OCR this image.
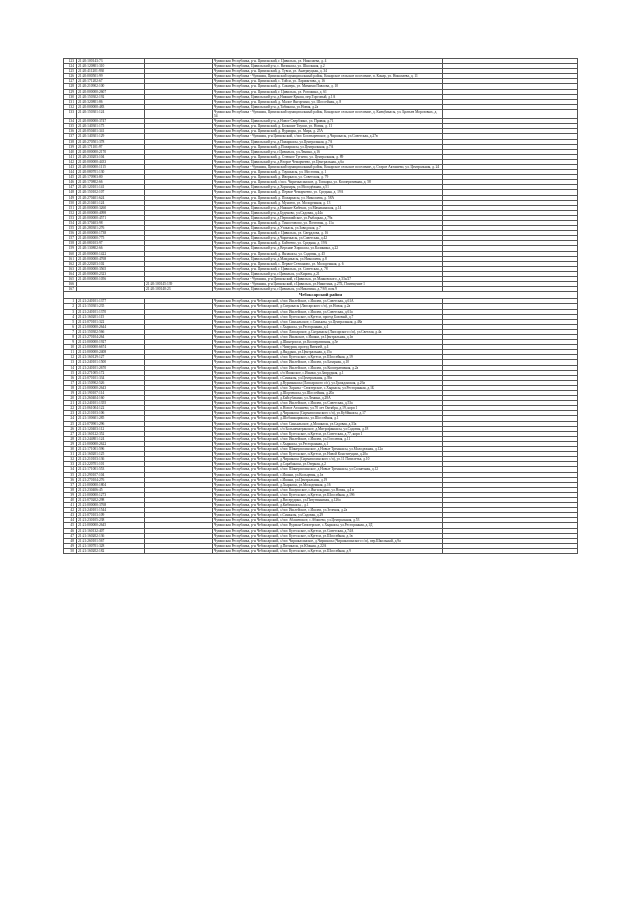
123	21:20:100143:73		Чувашская Республика, р-н. Цивильский, г. Цивильск, ул. Николаева, д. 4	
124	21:20:120801:310		Чувашская Республика, Цивильский р-н, с. Визикасы, ул. Школьная, д.2	
125	21:20:411201:930		Чувашская Республика, р-н. Цивильский, д. Тувси, ул. Анатриуцкая, д. 34	
126	21:20:000501:99		Чувашская Республика - Чувашия, Цивильский муниципальный район, Конарское сельское поселение, п. Конар, ул. Николаева, д. 11	
127	21:20:171202:67		Чувашская Республика, р-н. Цивильский, с. Тойси, ул. Ларионтова, д. 16	
128	21:20:210902:100		Чувашская Республика, р-н. Цивильский, д. Сакмерь, ул. Мимими Павлова, д. 10	
129	21:20:000000:2607		Чувашская Республика, р-н. Цивильский, г. Цивильск, ул. Рогожина, д. 61	
130	21:20:150302:192		Чувашская Республика, Цивильский р-н, д.Нижние Кунаш, пер.Торговый, д.1А	
131	21:20:320801:86		Чувашская Республика, р-н. Цивильский, д. Малое Янгорчино, ул. Шоссейная, д. 8	
132	21:20:000000:483		Чувашская Республика, Цивильский р-н, д.Табикасы, ул.Новая, д.2а	
133	21:20:150301:124		Чувашская Республика - Чувашия, Цивильский муниципальный район, Конарское сельское поселение, д. Кнецбикасы, ул. Братьев Морозовых, д. 54	
134	21:20:000000:3747		Чувашская Республика, Цивильский р-н, д.Новое Сверблино, ул. Привая, д.71	
135	21:20:140301:175		Чувашская Республика, р-н. Цивильский, д. Большие Тиуши, ул. Новая, д. 11	
136	21:20:050401:341		Чувашская Республика, р-н. Цивильский, д. Вурмары, ул. Мира, д. 25А	
137	21:20:140301:129		Чувашская Республика - Чувашия, р-н Цивильский, с/пос Богатыревское, д.Чиршкасы, ул.Советская, д.27в	
138	21:20:270501:378		Чувашская Республика, Цивильский р-н, д.Пожаркасы, ул.Центральная, д.7А	
139	21:20:171101:97		Чувашская Республика, р-н. Цивильский, д.Пожаркасы, ул.Центральная, д.7А	
140	21:20:000000:2170		Чувашская Республика, Цивильский р-н, г.Цивильск, ул.Ленина, д.16	
141	21:20:230203:104		Чувашская Республика, р-н. Цивильский, д. Степное Тугаево, ул. Центральная, д. 89	
142	21:20:000000:4433		Чувашская Республика, Цивильский р-н, д.Второе Чемарчеево, ул.Центральная, д.6а	
143	21:20:000000:1115		Чувашская Республика - Чувашия, Цивильский муниципальный район, Конарское сельское поселение, д. Старое Акташево, ул. Центральная, д. 24	
144	21:20:080701:130		Чувашская Республика, р-н. Цивильский, д. Таушкасы, ул. Мостовая, д. 1	
145	21:20:170903:80		Чувашская Республика, р-н. Цивильский, д. Иворкаси, ул. Советская, д. 79	
146	21:20:170802:66		Чувашская Республика, р-н. Цивильский, с/пос. Чиричкасинское, д. Топкары, ул. Кооперативная, д. 58	
147	21:20:120101:141		Чувашская Республика, Цивильский р-н, д.Хорнзары, ул.Молодёжная, д.51	
148	21:20:150102:107		Чувашская Республика, р-н. Цивильский, д. Первое Чемарчеево, ул. Средняя, д. 19А	
149	21:20:270401:624		Чувашская Республика, р-н. Цивильский, д. Пожаркасы, ул. Николаева, д. 58А	
150	21:20:210401:124		Чувашская Республика, р-н. Цивильский, д. Мунсюп, ул. Молодежная, д. 13	
151	21:20:000000:3260		Чувашская Республика, Цивильский р-н, д.Нижние Кибекси, ул.Мамакинская, д.14	
152	21:20:000000:4098		Чувашская Республика, Цивильский р-н, д.Буденово, ул.Садовая, д.44а	
153	21:20:000000:4571		Чувашская Республика, Цивильский р-н, д.Первомайское, ул.Рыбацкая, д.79а	
154	21:20:370403:98		Чувашская Республика, р-н. Цивильский, д. Тинсотовопо, ул. Почтовая, д. 11а	
155	21:20:280301:276		Чувашская Республика, Цивильский р-н, д.Утакасы, ул.Заводская, д.7	
156	21:20:000000:1738		Чувашская Республика, р-н. Цивильский, г. Цивильск, ул. Свердлова, д. 16	
157	21:20:000000:775		Чувашская Республика, Цивильский р-н, д.Чиричкасы, ул.Советская, д.42	
158	21:20:080103:97		Чувашская Республика, р-н. Цивильский, д. Байтеево, ул. Средняя, д. 19А	
159	21:20:130802:66		Чувашская Республика, Цивильский р-н, д.Верхние Хиршасы, ул.Калинина, д.22	
160	21:20:000000:1422		Чувашская Республика, р-н. Цивильский, д. Янзакасы, ул. Садовая, д. 45	
161	21:20:000000:4768		Чувашская Республика, Цивильский р-н, д.Мамдикасы, ул.Николаева, д.8	
162	21:20:220203:102		Чувашская Республика, р-н. Цивильский, с. Первое Степаново, ул. Молодежная, д. 6	
163	21:20:000000:3565		Чувашская Республика, р-н. Цивильский, г. Цивильск, ул. Советская, д. 78	
164	21:20:000000:2323		Чувашская Республика, Цивильский р-н, г.Цивильск, ул.Кирова, д.21	
165	21:20:000000:1056		Чувашская Республика - Чувашия, р-н Цивильский, г.Цивильск, ул.Маяковского, д.33а/27	
166		21:20:100145:139	Чувашская Республика - Чувашия, р-н Цивильский, г.Цивильск, ул.Никитина, д.27Б, Помещение 1	
167		21:20:100140:23	Чувашская Республика, Цивильский р-н, г.Цивильск, ул.Никитина, д.7/69, пом.9	
Чебоксарский район				
1	21:21:240101:1377		Чувашская Республика, р-н Чебоксарский, с/пос Ишлейское, с.Ишлеи, ул.Советская, д.61А	
2	21:21:150301:235		Чувашская Республика, р-н Чебоксарский, д.Сятракасы (Лапсарского с/п), ул.Новая, д.2а	
3	21:21:240101:1370		Чувашская Республика, р-н Чебоксарский, с/пос Ишлейское, с.Ишлеи, ул.Советская, д.61а	
4	21:21:160201:115		Чувашская Республика, р-н Чебоксарский, с/пос Кугесьское, п.Кугеси, проезд Базовый, д.7	
5	21:21:070101:322		Чувашская Республика, р-н Чебоксарский, с/пос Синьяльское, с.Синьялы, ул.Центральная, д.48а	
6	21:21:000000:2644		Чувашская Республика, р-н Чебоксарский, с.Хыркасы, ул.Ресторанная, д.4	
7	21:21:150302:566		Чувашская Республика, р-н Чебоксарский, с/пос Лапсарское, д.Сятракасы (Лапсарского с/п), ул.Светлая, д.4а	
8	21:21:270104:264		Чувашская Республика, р-н Чебоксарский, с/пос Ишакское, с.Ишаки, ул.Центральная, д.1в	
9	21:21:000000:1927		Чувашская Республика, р-н Чебоксарский, д.Шинерпоси, ул.Кооперативная, д.5е	
10	21:21:000000:6674		Чувашская Республика, р-н Чебоксарский, с.Чимурии, проезд Витязей, д.4	
11	21:21:000000:2408		Чувашская Республика, р-н Чебоксарский, д.Янддыш, ул.Центральная, д.15а	
12	21:21:160129:127		Чувашская Республика, р-н Чебоксарский, с/пос Кугесьское, п.Кугеси, ул.Шоссейная, д.19	
13	21:21:240101:1500		Чувашская Республика, р-н Чебоксарский, с/пос Ишлейское, с.Ишлеи, ул.Базарная, д.10	
14	21:21:240101:2670		Чувашская Республика, р-н Чебоксарский, с/пос Ишлейское, с.Ишлеи, ул.Кооперативная, д.2а	
15	21:21:271005:172		Чувашская Республика, р-н Чебоксарский, с/п Ишакское, с.Ишаки, ул.Запрудная, д.1	
16	21:21:070101:334		Чувашская Республика, р-н Чебоксарский, с.Синьялы, ул.Центральная, д.39а	
17	21:21:150902:526		Чувашская Республика, р-н Чебоксарский, д.Вурманкасы (Лапсарского с/п), ул.Гражданская, д.2ба	
18	21:21:000000:2643		Чувашская Республика, р-н Чебоксарский, с/пос Хорнзы - Сюктерское, с.Хыркасы, ул.Ресторанная, д.1Б	
19	21:21:190107:114		Чувашская Республика, р-н Чебоксарский, д.Шорчекасы, ул.Шоссейная, д.20а	
20	21:21:260404:160		Чувашская Республика, р-н Чебоксарский, д.Байсубакино, ул.Ленина, д.28А	
21	21:21:240101:1355		Чувашская Республика, р-н Чебоксарский, с/пос Ишлейское, с.Ишлеи, ул.Советская, д.53а	
22	21:21:061004:122		Чувашская Республика, р-н Чебоксарский, п.Новое Атлашево, ул.70 лет Октября, д.19, корп 1	
23	21:21:210103:106		Чувашская Республика, р-н Чебоксарский, д.Чиршкасы (Сирмапосинского с/п), ул.Кубйькасы, д.17	
24	21:21:100601:285		Чувашская Республика, р-н Чебоксарский, д.Шобашкарикасы, ул.Шоссейная, д.1	
25	21:21:070901:296		Чувашская Республика, р-н Чебоксарский, с/пос Синьяльское, д.Мошкасы, ул.Садовая, д.33а	
26	21:21:120403:112		Чувашская Республика, р-н Чебоксарский, с/п Большекатракское, д.Митрофанкасы, ул.Садовая, д.18	
27	21:21:160122:352		Чувашская Республика, р-н Чебоксарский, с/пос Кугесьское, п.Кугеси, ул.Советская, д.77, корп 1	
28	21:21:244801:124		Чувашская Республика, р-н Чебоксарский, с/пос Ишлейское, с.Ишлеи, ул.Гоголевая, д.11	
29	21:21:000000:2622		Чувашская Республика, р-н Чебоксарский, с.Хыркасы, ул.Ресторанная, д.1	
30	21:21:171001:596		Чувашская Республика, р-н Чебоксарский, с/пос Шинерпосинское, д.Новые Тренькасы, ул.Молодежная, д.12а	
31	21:21:160201:125		Чувашская Республика, р-н Чебоксарский, с/пос Кугесьское, п.Кугеси, ул.Новой Конституции, д.20а	
32	21:21:210103:136		Чувашская Республика, р-н Чебоксарский, д.Чиршкасы (Сирмапосинского с/п), ул.11 Пятилетка, д.10	
33	21:21:220701:101		Чувашская Республика, р-н Чебоксарский, д.Сарабакасы, ул.Озерная, д.2	
34	21:21:171001:553		Чувашская Республика, р-н Чебоксарский, с/пос Шинерпосинское, д.Новые Тренькасы, ул.Солнечная, д.12	
35	21:21:290107:104		Чувашская Республика, р-н Чебоксарский, с.Ишаки, ул.Кольцевая, д.1в	
36	21:21:270104:276		Чувашская Республика, р-н Чебоксарский, с.Ишаки, ул.Центральная, д.19	
37	21:21:000000:1804		Чувашская Республика, р-н Чебоксарский, д.Хыркасы, ул.Молодежная, д.16	
38	21:21:230406:45		Чувашская Республика, р-н Чебоксарский, с/пос Кшаушское, с.Янгильдино, ул.Новая, д.4 в	
39	21:21:000000:1273		Чувашская Республика, р-н Чебоксарский, с/пос Кугесьское, п.Кугеси, ул.Шоссейная, д.19б	
40	21:21:070202:298		Чувашская Республика, р-н Чебоксарский, д.Висерудино, ул.Пятутинникая, д.126а	
41	21:21:000000:3768		Чувашская Республика, р-н Чебоксарский, д.Кибешкасы, , д.1	
42	21:21:240101:1544		Чувашская Республика, р-н Чебоксарский, с/пос Ишлейское, с.Ишлеи, ул.Зеленая, д.2а	
43	21:21:070103:109		Чувашская Республика, р-н Чебоксарский, с.Синьялы, ул.Садовая, д.29	
44	21:21:230105:238		Чувашская Республика, р-н Чебоксарский, с/пос Абашевское, с.Абашево, ул.Центральная, д.53	
45	21:21:000000:2645		Чувашская Республика, р-н Чебоксарский, с/пос Вурман-Сюктерское, с.Хыркасы, ул.Ресторанная, д.1Д	
46	21:21:160132:407		Чувашская Республика, р-н Чебоксарский, с/пос Кугесьское, п.Кугеси, ул.Советская, д.74А	
47	21:21:160202:136		Чувашская Республика, р-н Чебоксарский, с/пос Кугесьское, п.Кугеси, ул.Шоссейная, д.1в	
48	21:21:260101:567		Чувашская Республика, р-н Чебоксарский, с/пос Чиршкасинское, д.Чиршкасы (Чиршкасинского с/п), пер.Школьный, д.9а	
49	21:21:100701:328		Чувашская Республика, р-н Чебоксарский, д.Питикасы, ул.Южная, д.22А	
50	21:21:160202:182		Чувашская Республика, р-н Чебоксарский, с/пос Кугесьское, п.Кугеси, ул.Шоссейная, д.9	
